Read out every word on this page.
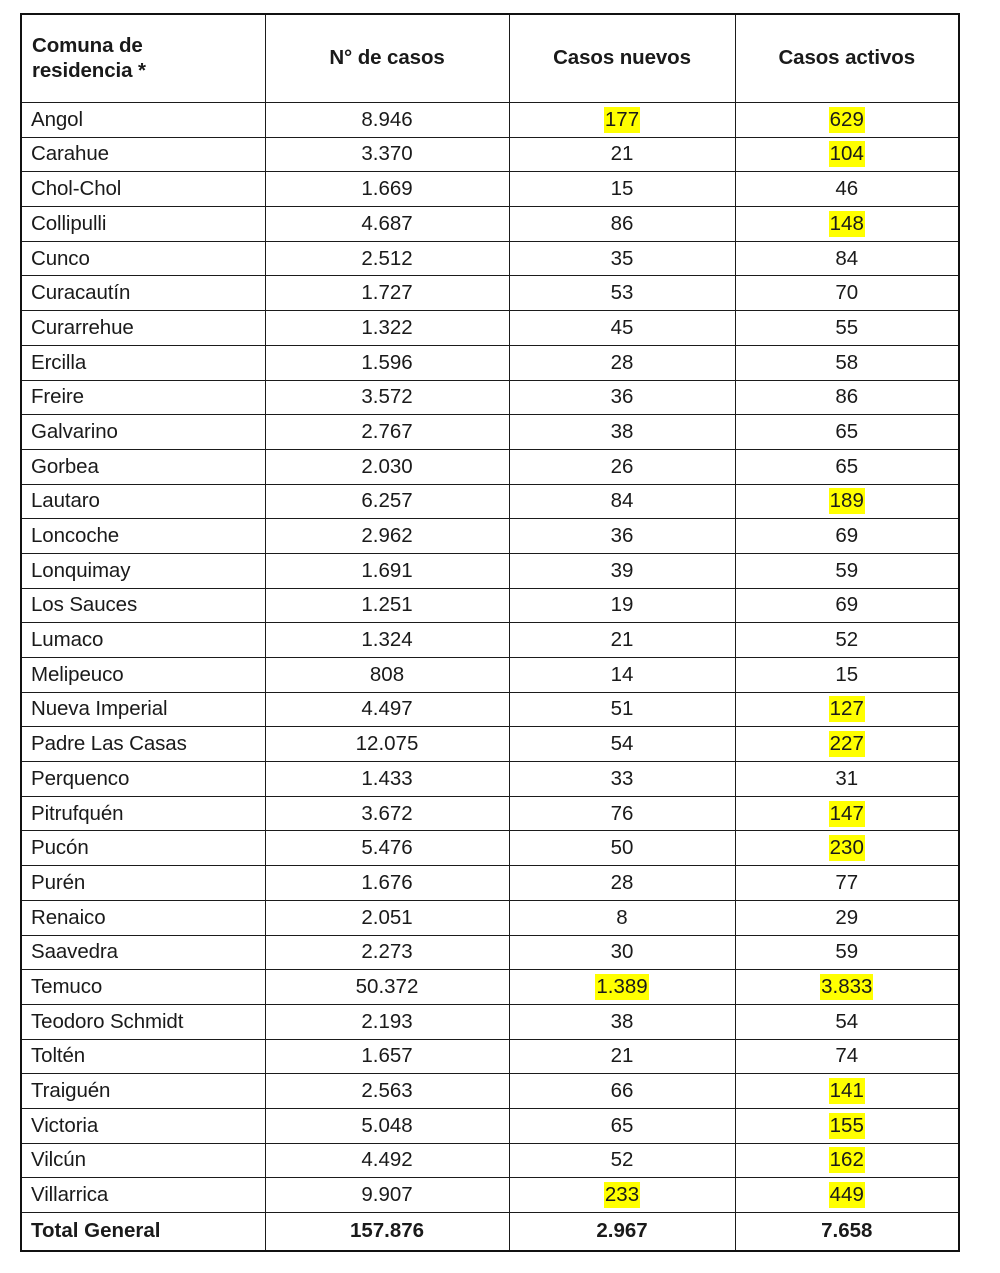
Comuna de
residencia *	N° de casos	Casos nuevos	Casos activos
Angol	8.946	177	629
Carahue	3.370	21	104
Chol-Chol	1.669	15	46
Collipulli	4.687	86	148
Cunco	2.512	35	84
Curacautín	1.727	53	70
Curarrehue	1.322	45	55
Ercilla	1.596	28	58
Freire	3.572	36	86
Galvarino	2.767	38	65
Gorbea	2.030	26	65
Lautaro	6.257	84	189
Loncoche	2.962	36	69
Lonquimay	1.691	39	59
Los Sauces	1.251	19	69
Lumaco	1.324	21	52
Melipeuco	808	14	15
Nueva Imperial	4.497	51	127
Padre Las Casas	12.075	54	227
Perquenco	1.433	33	31
Pitrufquén	3.672	76	147
Pucón	5.476	50	230
Purén	1.676	28	77
Renaico	2.051	8	29
Saavedra	2.273	30	59
Temuco	50.372	1.389	3.833
Teodoro Schmidt	2.193	38	54
Toltén	1.657	21	74
Traiguén	2.563	66	141
Victoria	5.048	65	155
Vilcún	4.492	52	162
Villarrica	9.907	233	449
Total General	157.876	2.967	7.658
